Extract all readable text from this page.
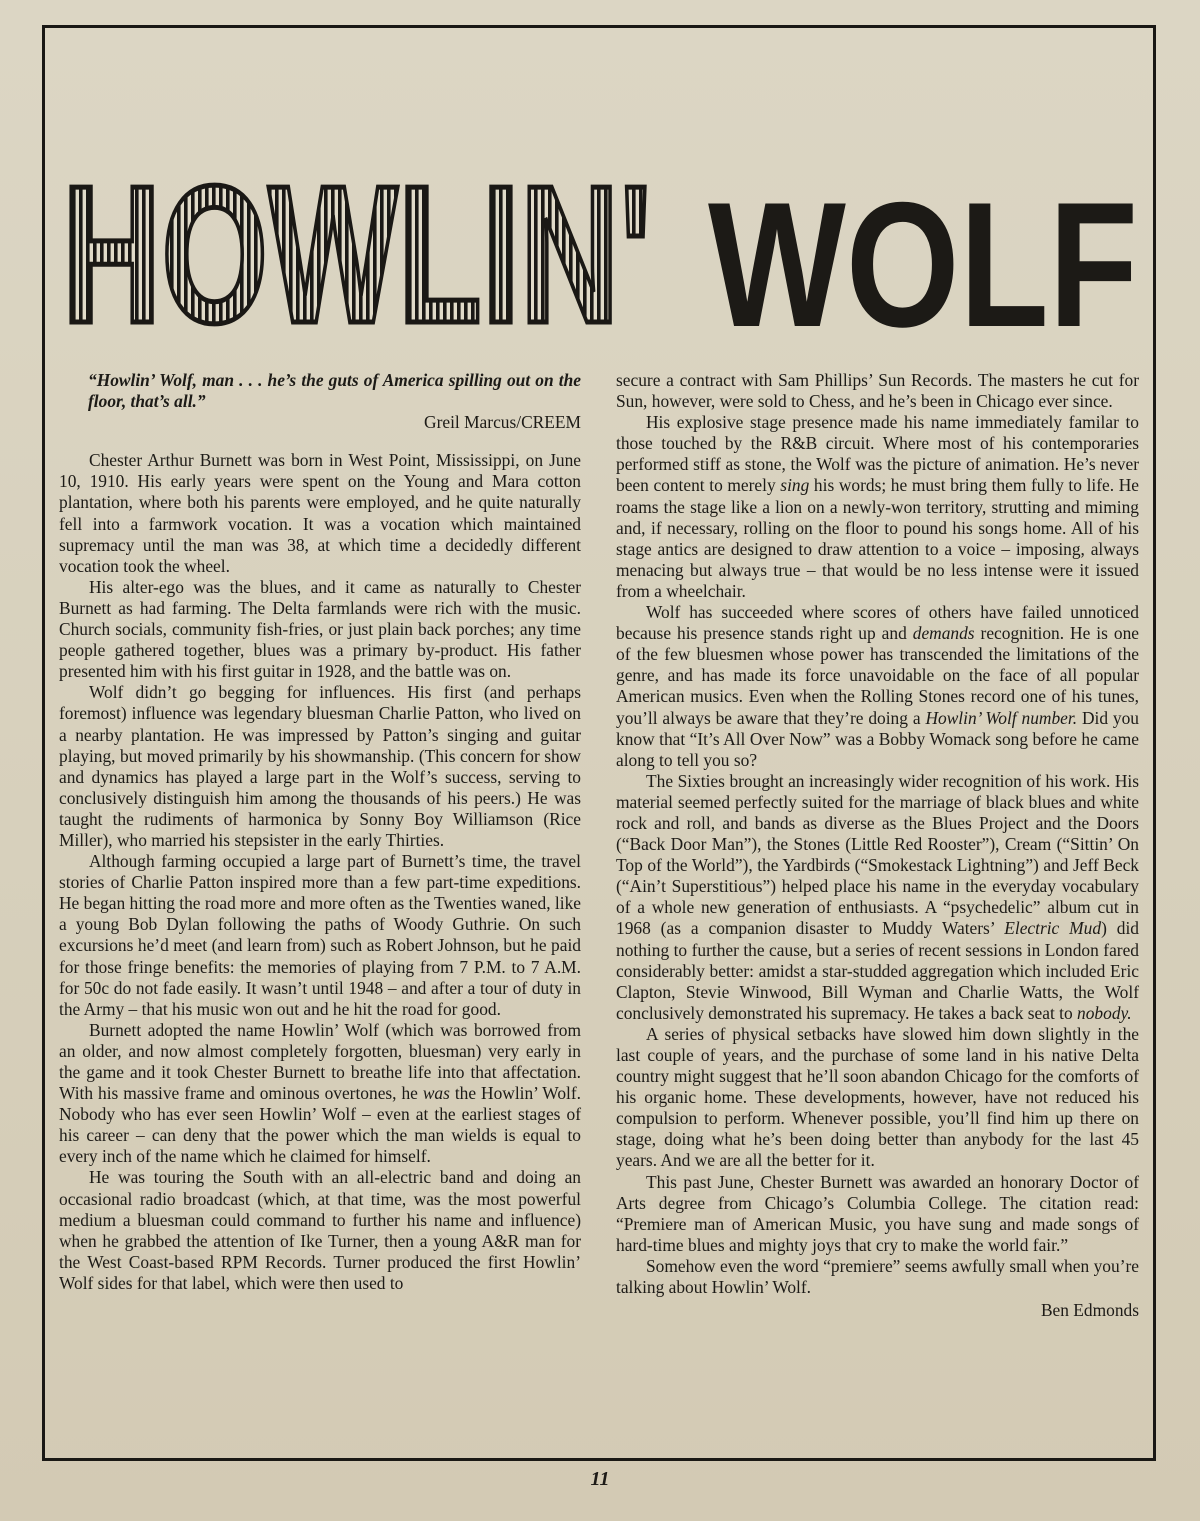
HOWLIN' WOLF

“Howlin’ Wolf, man . . . he’s the guts of America spilling out on the floor, that’s all.”

Greil Marcus/CREEM

Chester Arthur Burnett was born in West Point, Mississippi, on June 10, 1910. His early years were spent on the Young and Mara cotton plantation, where both his parents were employed, and he quite naturally fell into a farmwork vocation. It was a vocation which maintained supremacy until the man was 38, at which time a decidedly different vocation took the wheel.

His alter-ego was the blues, and it came as naturally to Chester Burnett as had farming. The Delta farmlands were rich with the music. Church socials, community fish-fries, or just plain back porches; any time people gathered together, blues was a primary by-product. His father presented him with his first guitar in 1928, and the battle was on.

Wolf didn’t go begging for influences. His first (and perhaps foremost) influence was legendary bluesman Charlie Patton, who lived on a nearby plantation. He was impressed by Patton’s singing and guitar playing, but moved primarily by his showmanship. (This concern for show and dynamics has played a large part in the Wolf’s success, serving to conclusively distinguish him among the thousands of his peers.) He was taught the rudiments of harmonica by Sonny Boy Williamson (Rice Miller), who married his stepsister in the early Thirties.

Although farming occupied a large part of Burnett’s time, the travel stories of Charlie Patton inspired more than a few part-time expeditions. He began hitting the road more and more often as the Twenties waned, like a young Bob Dylan following the paths of Woody Guthrie. On such excursions he’d meet (and learn from) such as Robert Johnson, but he paid for those fringe benefits: the memories of playing from 7 P.M. to 7 A.M. for 50c do not fade easily. It wasn’t until 1948 – and after a tour of duty in the Army – that his music won out and he hit the road for good.

Burnett adopted the name Howlin’ Wolf (which was borrowed from an older, and now almost completely forgotten, bluesman) very early in the game and it took Chester Burnett to breathe life into that affectation. With his massive frame and ominous overtones, he was the Howlin’ Wolf. Nobody who has ever seen Howlin’ Wolf – even at the earliest stages of his career – can deny that the power which the man wields is equal to every inch of the name which he claimed for himself.

He was touring the South with an all-electric band and doing an occasional radio broadcast (which, at that time, was the most powerful medium a bluesman could command to further his name and influence) when he grabbed the attention of Ike Turner, then a young A&R man for the West Coast-based RPM Records. Turner produced the first Howlin’ Wolf sides for that label, which were then used to

secure a contract with Sam Phillips’ Sun Records. The masters he cut for Sun, however, were sold to Chess, and he’s been in Chicago ever since.

His explosive stage presence made his name immediately familar to those touched by the R&B circuit. Where most of his contemporaries performed stiff as stone, the Wolf was the picture of animation. He’s never been content to merely sing his words; he must bring them fully to life. He roams the stage like a lion on a newly-won territory, strutting and miming and, if necessary, rolling on the floor to pound his songs home. All of his stage antics are designed to draw attention to a voice – imposing, always menacing but always true – that would be no less intense were it issued from a wheelchair.

Wolf has succeeded where scores of others have failed unnoticed because his presence stands right up and demands recognition. He is one of the few bluesmen whose power has transcended the limitations of the genre, and has made its force unavoidable on the face of all popular American musics. Even when the Rolling Stones record one of his tunes, you’ll always be aware that they’re doing a Howlin’ Wolf number. Did you know that “It’s All Over Now” was a Bobby Womack song before he came along to tell you so?

The Sixties brought an increasingly wider recognition of his work. His material seemed perfectly suited for the marriage of black blues and white rock and roll, and bands as diverse as the Blues Project and the Doors (“Back Door Man”), the Stones (Little Red Rooster”), Cream (“Sittin’ On Top of the World”), the Yardbirds (“Smokestack Lightning”) and Jeff Beck (“Ain’t Superstitious”) helped place his name in the everyday vocabulary of a whole new generation of enthusiasts. A “psychedelic” album cut in 1968 (as a companion disaster to Muddy Waters’ Electric Mud) did nothing to further the cause, but a series of recent sessions in London fared considerably better: amidst a star-studded aggregation which included Eric Clapton, Stevie Winwood, Bill Wyman and Charlie Watts, the Wolf conclusively demonstrated his supremacy. He takes a back seat to nobody.

A series of physical setbacks have slowed him down slightly in the last couple of years, and the purchase of some land in his native Delta country might suggest that he’ll soon abandon Chicago for the comforts of his organic home. These developments, however, have not reduced his compulsion to perform. Whenever possible, you’ll find him up there on stage, doing what he’s been doing better than anybody for the last 45 years. And we are all the better for it.

This past June, Chester Burnett was awarded an honorary Doctor of Arts degree from Chicago’s Columbia College. The citation read: “Premiere man of American Music, you have sung and made songs of hard-time blues and mighty joys that cry to make the world fair.”

Somehow even the word “premiere” seems awfully small when you’re talking about Howlin’ Wolf.

Ben Edmonds

11
